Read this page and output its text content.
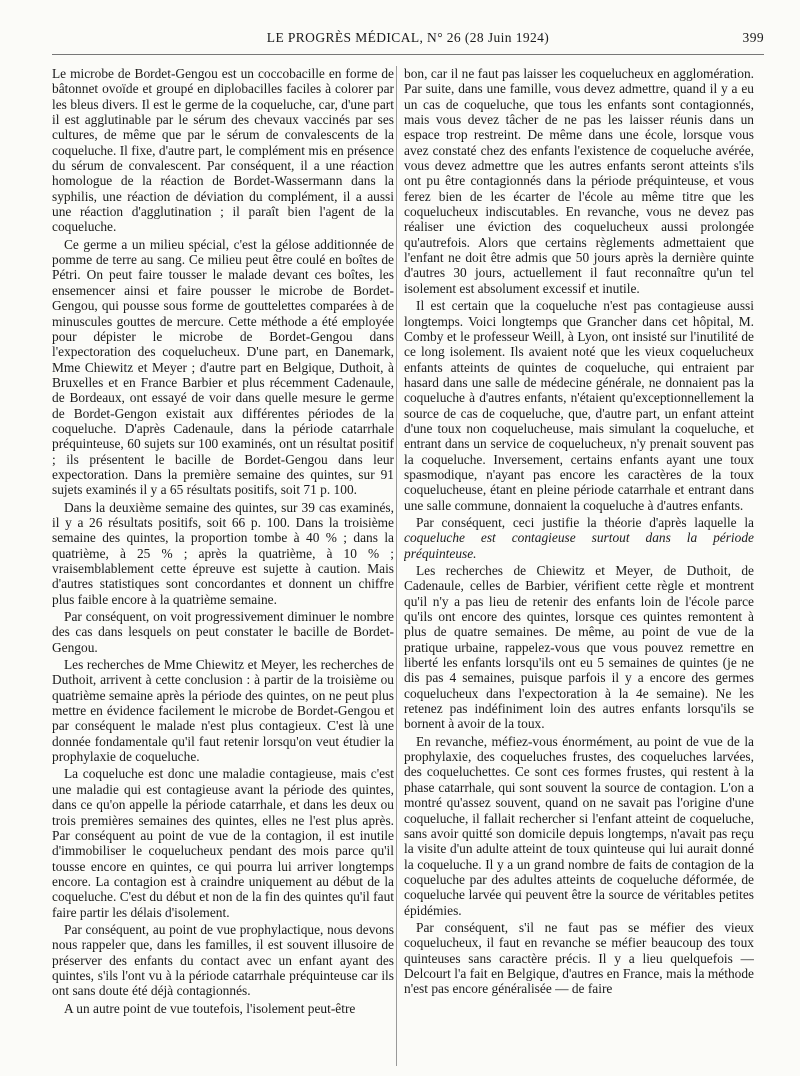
LE PROGRÈS MÉDICAL, N° 26 (28 Juin 1924)	399

Le microbe de Bordet-Gengou est un coccobacille en forme de bâtonnet ovoïde et groupé en diplobacilles faciles à colorer par les bleus divers. Il est le germe de la coqueluche, car, d'une part il est agglutinable par le sérum des chevaux vaccinés par ses cultures, de même que par le sérum de convalescents de la coqueluche. Il fixe, d'autre part, le complément mis en présence du sérum de convalescent. Par conséquent, il a une réaction homologue de la réaction de Bordet-Wassermann dans la syphilis, une réaction de déviation du complément, il a aussi une réaction d'agglutination ; il paraît bien l'agent de la coqueluche.

Ce germe a un milieu spécial, c'est la gélose additionnée de pomme de terre au sang. Ce milieu peut être coulé en boîtes de Pétri. On peut faire tousser le malade devant ces boîtes, les ensemencer ainsi et faire pousser le microbe de Bordet-Gengou, qui pousse sous forme de gouttelettes comparées à de minuscules gouttes de mercure. Cette méthode a été employée pour dépister le microbe de Bordet-Gengou dans l'expectoration des coquelucheux. D'une part, en Danemark, Mme Chiewitz et Meyer ; d'autre part en Belgique, Duthoit, à Bruxelles et en France Barbier et plus récemment Cadenaule, de Bordeaux, ont essayé de voir dans quelle mesure le germe de Bordet-Gengon existait aux différentes périodes de la coqueluche. D'après Cadenaule, dans la période catarrhale préquinteuse, 60 sujets sur 100 examinés, ont un résultat positif ; ils présentent le bacille de Bordet-Gengou dans leur expectoration. Dans la première semaine des quintes, sur 91 sujets examinés il y a 65 résultats positifs, soit 71 p. 100.

Dans la deuxième semaine des quintes, sur 39 cas examinés, il y a 26 résultats positifs, soit 66 p. 100. Dans la troisième semaine des quintes, la proportion tombe à 40 % ; dans la quatrième, à 25 % ; après la quatrième, à 10 % ; vraisemblablement cette épreuve est sujette à caution. Mais d'autres statistiques sont concordantes et donnent un chiffre plus faible encore à la quatrième semaine.

Par conséquent, on voit progressivement diminuer le nombre des cas dans lesquels on peut constater le bacille de Bordet-Gengou.

Les recherches de Mme Chiewitz et Meyer, les recherches de Duthoit, arrivent à cette conclusion : à partir de la troisième ou quatrième semaine après la période des quintes, on ne peut plus mettre en évidence facilement le microbe de Bordet-Gengou et par conséquent le malade n'est plus contagieux. C'est là une donnée fondamentale qu'il faut retenir lorsqu'on veut étudier la prophylaxie de coqueluche.

La coqueluche est donc une maladie contagieuse, mais c'est une maladie qui est contagieuse avant la période des quintes, dans ce qu'on appelle la période catarrhale, et dans les deux ou trois premières semaines des quintes, elles ne l'est plus après. Par conséquent au point de vue de la contagion, il est inutile d'immobiliser le coquelucheux pendant des mois parce qu'il tousse encore en quintes, ce qui pourra lui arriver longtemps encore. La contagion est à craindre uniquement au début de la coqueluche. C'est du début et non de la fin des quintes qu'il faut faire partir les délais d'isolement.

Par conséquent, au point de vue prophylactique, nous devons nous rappeler que, dans les familles, il est souvent illusoire de préserver des enfants du contact avec un enfant ayant des quintes, s'ils l'ont vu à la période catarrhale préquinteuse car ils ont sans doute été déjà contagionnés.

A un autre point de vue toutefois, l'isolement peut-être

bon, car il ne faut pas laisser les coquelucheux en agglomération. Par suite, dans une famille, vous devez admettre, quand il y a eu un cas de coqueluche, que tous les enfants sont contagionnés, mais vous devez tâcher de ne pas les laisser réunis dans un espace trop restreint. De même dans une école, lorsque vous avez constaté chez des enfants l'existence de coqueluche avérée, vous devez admettre que les autres enfants seront atteints s'ils ont pu être contagionnés dans la période préquinteuse, et vous ferez bien de les écarter de l'école au même titre que les coquelucheux indiscutables. En revanche, vous ne devez pas réaliser une éviction des coquelucheux aussi prolongée qu'autrefois. Alors que certains règlements admettaient que l'enfant ne doit être admis que 50 jours après la dernière quinte d'autres 30 jours, actuellement il faut reconnaître qu'un tel isolement est absolument excessif et inutile.

Il est certain que la coqueluche n'est pas contagieuse aussi longtemps. Voici longtemps que Grancher dans cet hôpital, M. Comby et le professeur Weill, à Lyon, ont insisté sur l'inutilité de ce long isolement. Ils avaient noté que les vieux coquelucheux enfants atteints de quintes de coqueluche, qui entraient par hasard dans une salle de médecine générale, ne donnaient pas la coqueluche à d'autres enfants, n'étaient qu'exceptionnellement la source de cas de coqueluche, que, d'autre part, un enfant atteint d'une toux non coquelucheuse, mais simulant la coqueluche, et entrant dans un service de coquelucheux, n'y prenait souvent pas la coqueluche. Inversement, certains enfants ayant une toux spasmodique, n'ayant pas encore les caractères de la toux coquelucheuse, étant en pleine période catarrhale et entrant dans une salle commune, donnaient la coqueluche à d'autres enfants.

Par conséquent, ceci justifie la théorie d'après laquelle la coqueluche est contagieuse surtout dans la période préquinteuse.

Les recherches de Chiewitz et Meyer, de Duthoit, de Cadenaule, celles de Barbier, vérifient cette règle et montrent qu'il n'y a pas lieu de retenir des enfants loin de l'école parce qu'ils ont encore des quintes, lorsque ces quintes remontent à plus de quatre semaines. De même, au point de vue de la pratique urbaine, rappelez-vous que vous pouvez remettre en liberté les enfants lorsqu'ils ont eu 5 semaines de quintes (je ne dis pas 4 semaines, puisque parfois il y a encore des germes coquelucheux dans l'expectoration à la 4e semaine). Ne les retenez pas indéfiniment loin des autres enfants lorsqu'ils se bornent à avoir de la toux.

En revanche, méfiez-vous énormément, au point de vue de la prophylaxie, des coqueluches frustes, des coqueluches larvées, des coqueluchettes. Ce sont ces formes frustes, qui restent à la phase catarrhale, qui sont souvent la source de contagion. L'on a montré qu'assez souvent, quand on ne savait pas l'origine d'une coqueluche, il fallait rechercher si l'enfant atteint de coqueluche, sans avoir quitté son domicile depuis longtemps, n'avait pas reçu la visite d'un adulte atteint de toux quinteuse qui lui aurait donné la coqueluche. Il y a un grand nombre de faits de contagion de la coqueluche par des adultes atteints de coqueluche déformée, de coqueluche larvée qui peuvent être la source de véritables petites épidémies.

Par conséquent, s'il ne faut pas se méfier des vieux coquelucheux, il faut en revanche se méfier beaucoup des toux quinteuses sans caractère précis. Il y a lieu quelquefois — Delcourt l'a fait en Belgique, d'autres en France, mais la méthode n'est pas encore généralisée — de faire
